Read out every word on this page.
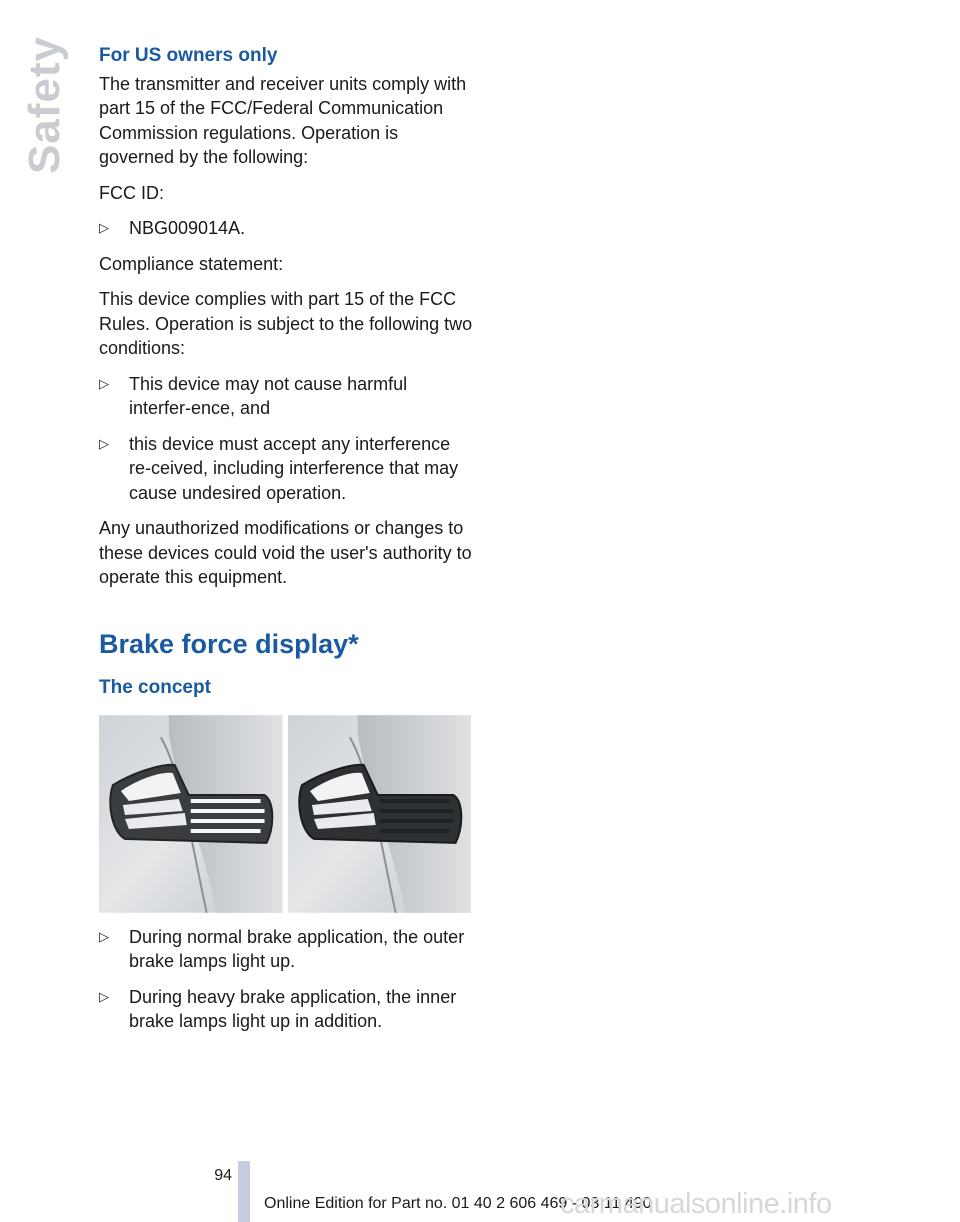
Safety For US owners only

The transmitter and receiver units comply with part 15 of the FCC/Federal Communication Commission regulations. Operation is governed by the following:

FCC ID:

▷ NBG009014A.

Compliance statement:

This device complies with part 15 of the FCC Rules. Operation is subject to the following two conditions:

▷ This device may not cause harmful interfer‐ence, and
▷ this device must accept any interference re‐ceived, including interference that may cause undesired operation.

Any unauthorized modifications or changes to these devices could void the user's authority to operate this equipment.

Brake force display*
The concept
▷ During normal brake application, the outer brake lamps light up.
▷ During heavy brake application, the inner brake lamps light up in addition.
94
Online Edition for Part no. 01 40 2 606 469 - 03 11 490
carmanualsonline.info
